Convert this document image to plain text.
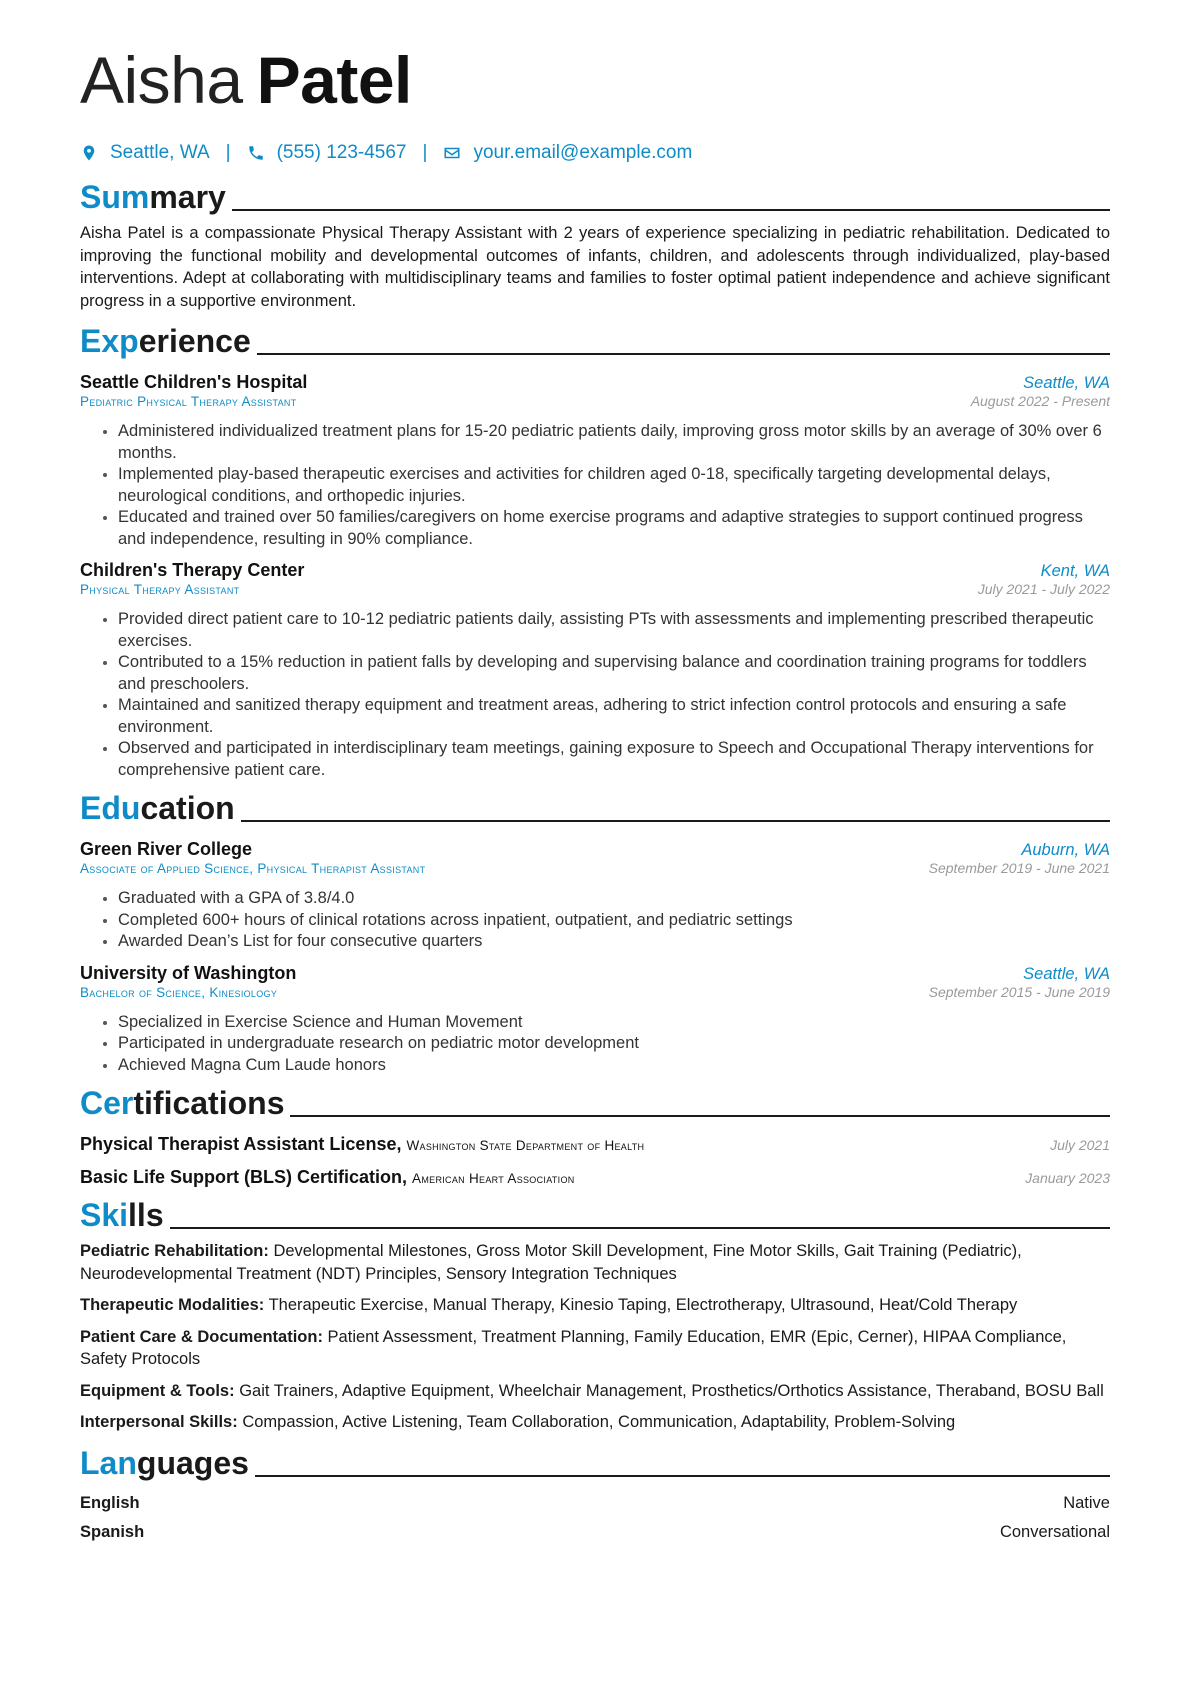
Aisha Patel
Seattle, WA | (555) 123-4567 | your.email@example.com
Summary

Aisha Patel is a compassionate Physical Therapy Assistant with 2 years of experience specializing in pediatric rehabilitation. Dedicated to improving the functional mobility and developmental outcomes of infants, children, and adolescents through individualized, play-based interventions. Adept at collaborating with multidisciplinary teams and families to foster optimal patient independence and achieve significant progress in a supportive environment.

Experience
Seattle Children's Hospital	Seattle, WA
Pediatric Physical Therapy Assistant	August 2022 - Present
• Administered individualized treatment plans for 15-20 pediatric patients daily, improving gross motor skills by an average of 30% over 6 months.
• Implemented play-based therapeutic exercises and activities for children aged 0-18, specifically targeting developmental delays, neurological conditions, and orthopedic injuries.
• Educated and trained over 50 families/caregivers on home exercise programs and adaptive strategies to support continued progress and independence, resulting in 90% compliance.
Children's Therapy Center	Kent, WA
Physical Therapy Assistant	July 2021 - July 2022
• Provided direct patient care to 10-12 pediatric patients daily, assisting PTs with assessments and implementing prescribed therapeutic exercises.
• Contributed to a 15% reduction in patient falls by developing and supervising balance and coordination training programs for toddlers and preschoolers.
• Maintained and sanitized therapy equipment and treatment areas, adhering to strict infection control protocols and ensuring a safe environment.
• Observed and participated in interdisciplinary team meetings, gaining exposure to Speech and Occupational Therapy interventions for comprehensive patient care.
Education
Green River College	Auburn, WA
Associate of Applied Science, Physical Therapist Assistant	September 2019 - June 2021
• Graduated with a GPA of 3.8/4.0
• Completed 600+ hours of clinical rotations across inpatient, outpatient, and pediatric settings
• Awarded Dean’s List for four consecutive quarters
University of Washington	Seattle, WA
Bachelor of Science, Kinesiology	September 2015 - June 2019
• Specialized in Exercise Science and Human Movement
• Participated in undergraduate research on pediatric motor development
• Achieved Magna Cum Laude honors
Certifications
Physical Therapist Assistant License, Washington State Department of Health	July 2021
Basic Life Support (BLS) Certification, American Heart Association	January 2023
Skills
Pediatric Rehabilitation: Developmental Milestones, Gross Motor Skill Development, Fine Motor Skills, Gait Training (Pediatric), Neurodevelopmental Treatment (NDT) Principles, Sensory Integration Techniques
Therapeutic Modalities: Therapeutic Exercise, Manual Therapy, Kinesio Taping, Electrotherapy, Ultrasound, Heat/Cold Therapy
Patient Care & Documentation: Patient Assessment, Treatment Planning, Family Education, EMR (Epic, Cerner), HIPAA Compliance, Safety Protocols
Equipment & Tools: Gait Trainers, Adaptive Equipment, Wheelchair Management, Prosthetics/Orthotics Assistance, Theraband, BOSU Ball
Interpersonal Skills: Compassion, Active Listening, Team Collaboration, Communication, Adaptability, Problem-Solving
Languages
English	Native
Spanish	Conversational
